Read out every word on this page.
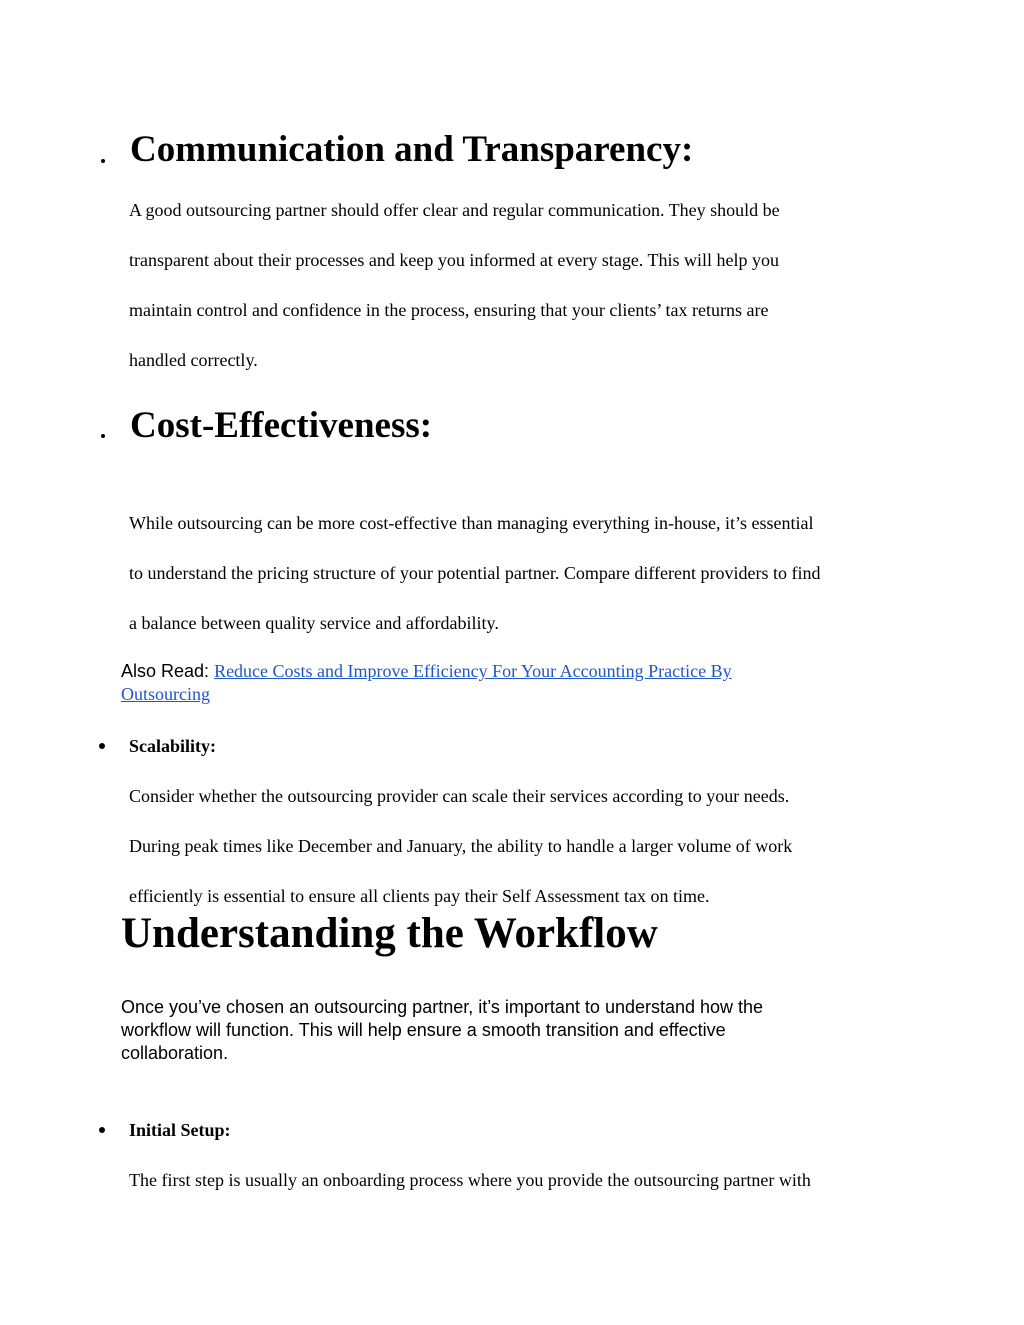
Communication and Transparency:
A good outsourcing partner should offer clear and regular communication. They should be
transparent about their processes and keep you informed at every stage. This will help you
maintain control and confidence in the process, ensuring that your clients’ tax returns are
handled correctly.
Cost-Effectiveness:
While outsourcing can be more cost-effective than managing everything in-house, it’s essential
to understand the pricing structure of your potential partner. Compare different providers to find
a balance between quality service and affordability.
Also Read: Reduce Costs and Improve Efficiency For Your Accounting Practice By
Outsourcing
Scalability:
Consider whether the outsourcing provider can scale their services according to your needs.
During peak times like December and January, the ability to handle a larger volume of work
efficiently is essential to ensure all clients pay their Self Assessment tax on time.
Understanding the Workflow
Once you’ve chosen an outsourcing partner, it’s important to understand how the
workflow will function. This will help ensure a smooth transition and effective
collaboration.
Initial Setup:
The first step is usually an onboarding process where you provide the outsourcing partner with
